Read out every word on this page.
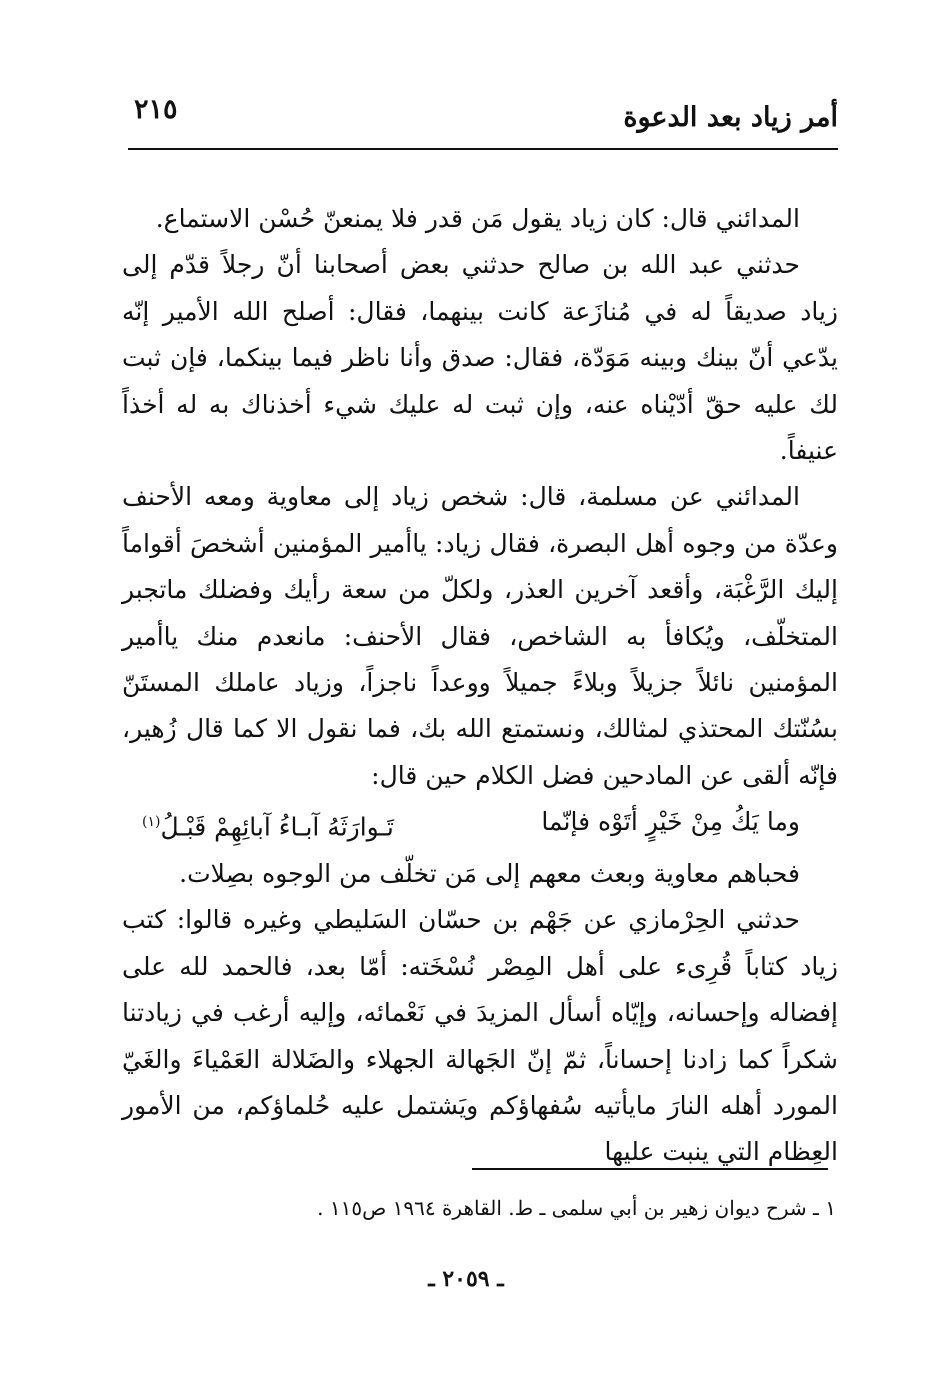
أمر زياد بعد الدعوة
٢١٥

المدائني قال: كان زياد يقول مَن قدر فلا يمنعنّ حُسْن الاستماع.

حدثني عبد الله بن صالح حدثني بعض أصحابنا أنّ رجلاً قدّم إلى زياد صديقاً له في مُنازَعة كانت بينهما، فقال: أصلح الله الأمير إنّه يدّعي أنّ بينك وبينه مَوَدّة، فقال: صدق وأنا ناظر فيما بينكما، فإن ثبت لك عليه حقّ أدّيْناه عنه، وإن ثبت له عليك شيء أخذناك به له أخذاً عنيفاً.

المدائني عن مسلمة، قال: شخص زياد إلى معاوية ومعه الأحنف وعدّة من وجوه أهل البصرة، فقال زياد: ياأمير المؤمنين أشخصَ أقواماً إليك الرَّغْبَة، وأقعد آخرين العذر، ولكلّ من سعة رأيك وفضلك ماتجبر المتخلّف، ويُكافأ به الشاخص، فقال الأحنف: مانعدم منك ياأمير المؤمنين نائلاً جزيلاً وبلاءً جميلاً ووعداً ناجزاً، وزياد عاملك المستَنّ بسُنّتك المحتذي لمثالك، ونستمتع الله بك، فما نقول الا كما قال زُهير، فإنّه ألقى عن المادحين فضل الكلام حين قال:

وما يَكُ مِنْ خَيْرٍ أتَوْه فإنّما
تَـوارَثَهُ آبـاءُ آبائِهِمْ قَبْـلُ$^{(١)}$

فحباهم معاوية وبعث معهم إلى مَن تخلّف من الوجوه بصِلات.

حدثني الحِرْمازي عن جَهْم بن حسّان السَليطي وغيره قالوا: كتب زياد كتاباً قُرِىء على أهل المِصْر نُسْخَته: أمّا بعد، فالحمد لله على إفضاله وإحسانه، وإيّاه أسأل المزيدَ في نَعْمائه، وإليه أرغب في زيادتنا شكراً كما زادنا إحساناً، ثمّ إنّ الجَهالة الجهلاء والضَلالة العَمْياءَ والغَيّ المورد أهله النارَ مايأتيه سُفهاؤكم ويَشتمل عليه حُلماؤكم، من الأمور العِظام التي ينبت عليها

١ ـ شرح ديوان زهير بن أبي سلمى ـ ط. القاهرة ١٩٦٤ ص١١٥ .
ـ ٢٠٥٩ ـ
